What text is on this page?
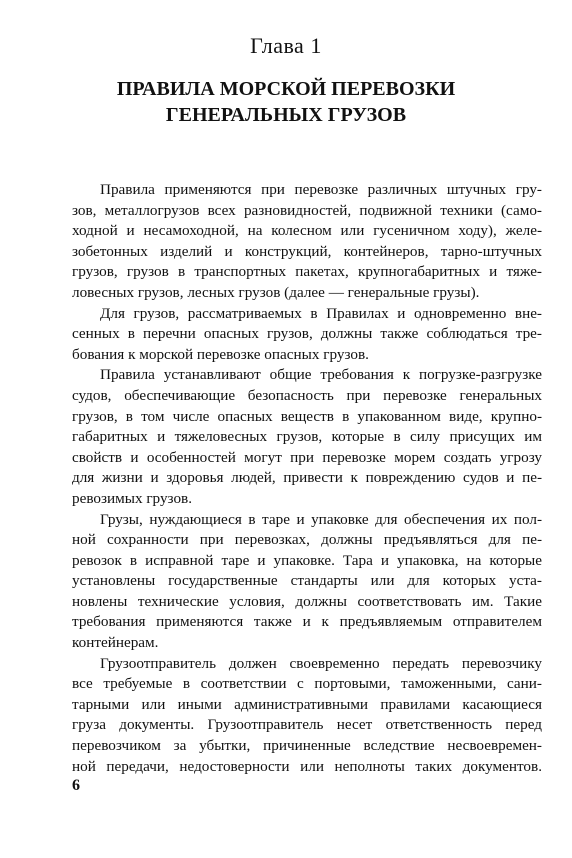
Глава 1
ПРАВИЛА МОРСКОЙ ПЕРЕВОЗКИ
ГЕНЕРАЛЬНЫХ ГРУЗОВ

Правила применяются при перевозке различных штучных гру-
зов, металлогрузов всех разновидностей, подвижной техники (само-
ходной и несамоходной, на колесном или гусеничном ходу), желе-
зобетонных изделий и конструкций, контейнеров, тарно-штучных
грузов, грузов в транспортных пакетах, крупногабаритных и тяже-
ловесных грузов, лесных грузов (далее — генеральные грузы).

Для грузов, рассматриваемых в Правилах и одновременно вне-
сенных в перечни опасных грузов, должны также соблюдаться тре-
бования к морской перевозке опасных грузов.

Правила устанавливают общие требования к погрузке-разгрузке
судов, обеспечивающие безопасность при перевозке генеральных
грузов, в том числе опасных веществ в упакованном виде, крупно-
габаритных и тяжеловесных грузов, которые в силу присущих им
свойств и особенностей могут при перевозке морем создать угрозу
для жизни и здоровья людей, привести к повреждению судов и пе-
ревозимых грузов.

Грузы, нуждающиеся в таре и упаковке для обеспечения их пол-
ной сохранности при перевозках, должны предъявляться для пе-
ревозок в исправной таре и упаковке. Тара и упаковка, на которые
установлены государственные стандарты или для которых уста-
новлены технические условия, должны соответствовать им. Такие
требования применяются также и к предъявляемым отправителем
контейнерам.

Грузоотправитель должен своевременно передать перевозчику
все требуемые в соответствии с портовыми, таможенными, сани-
тарными или иными административными правилами касающиеся
груза документы. Грузоотправитель несет ответственность перед
перевозчиком за убытки, причиненные вследствие несвоевремен-
ной передачи, недостоверности или неполноты таких документов.

6
